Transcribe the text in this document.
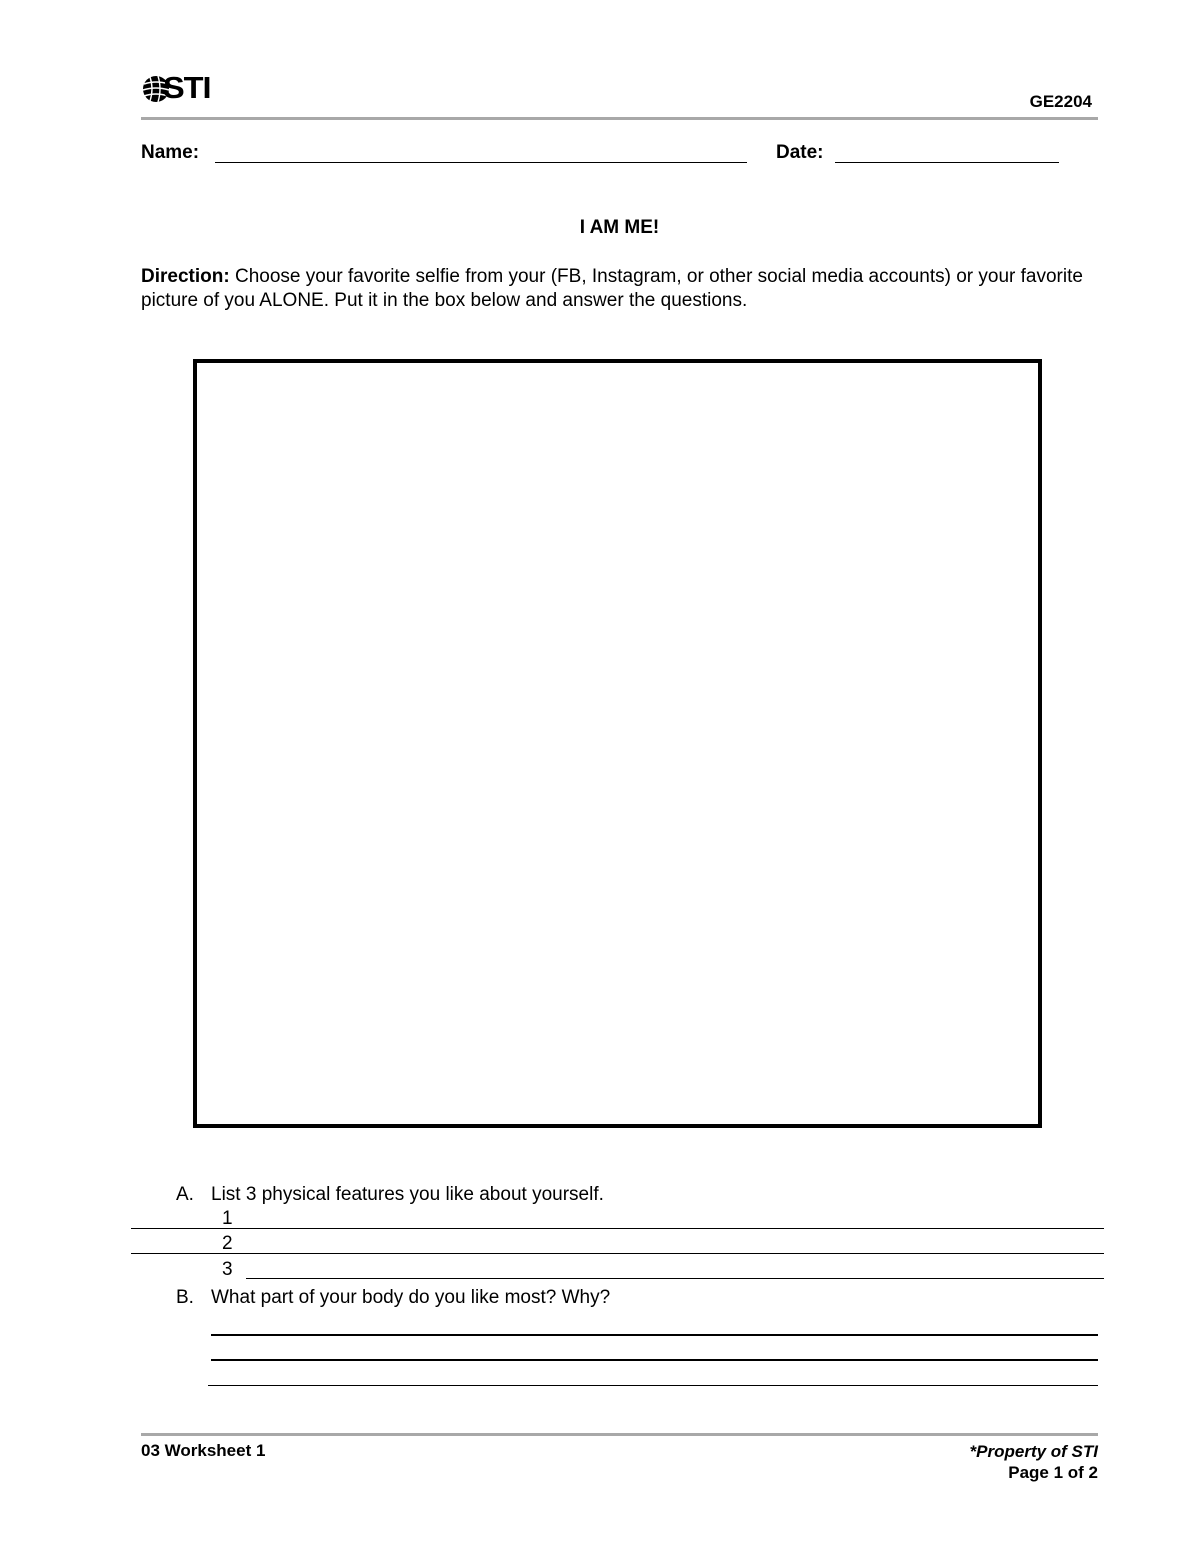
STI	GE2204
Name:	Date:
I AM ME!
Direction: Choose your favorite selfie from your (FB, Instagram, or other social media accounts) or your favorite picture of you ALONE. Put it in the box below and answer the questions.
A. List 3 physical features you like about yourself.
1
2
3
B. What part of your body do you like most? Why?
03 Worksheet 1	*Property of STI
Page 1 of 2
